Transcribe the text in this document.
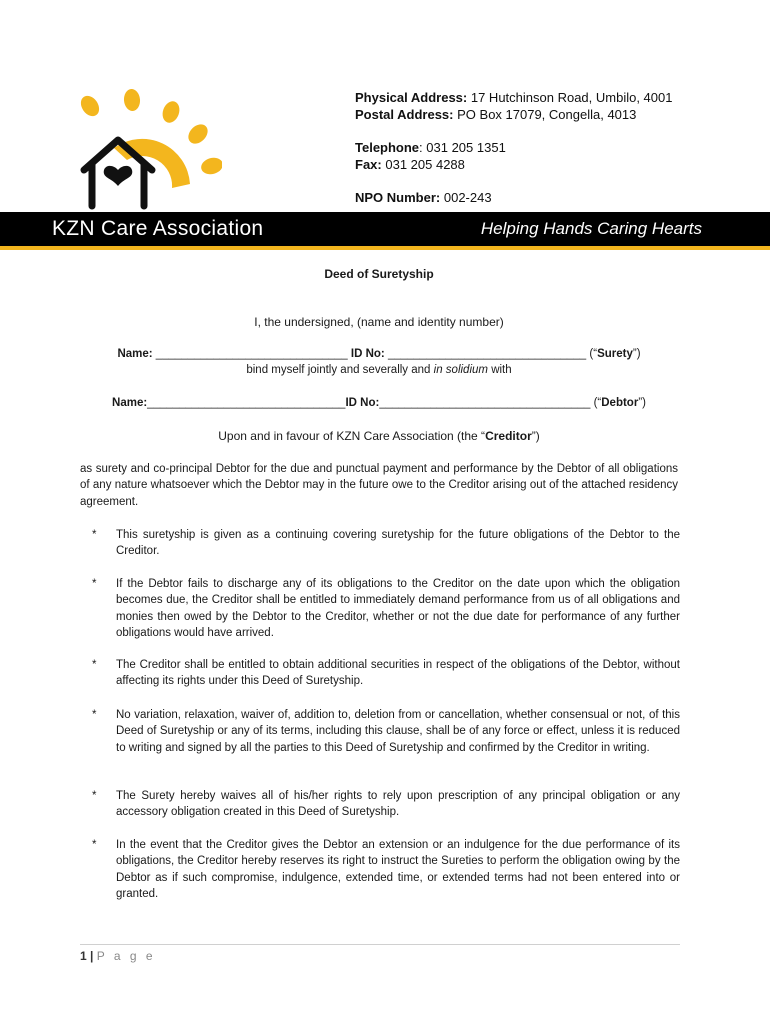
Physical Address: 17 Hutchinson Road, Umbilo, 4001
Postal Address: PO Box 17079, Congella, 4013
Telephone: 031 205 1351
Fax: 031 205 4288
NPO Number: 002-243
KZN Care Association	Helping Hands Caring Hearts
Deed of Suretyship
I, the undersigned, (name and identity number)
Name: ______________________________ ID No: _______________________________ (“Surety”)
bind myself jointly and severally and in solidium with
Name:_______________________________ID No:_________________________________ (“Debtor”)
Upon and in favour of KZN Care Association (the “Creditor”)
as surety and co-principal Debtor for the due and punctual payment and performance by the Debtor of all obligations of any nature whatsoever which the Debtor may in the future owe to the Creditor arising out of the attached residency agreement.
* This suretyship is given as a continuing covering suretyship for the future obligations of the Debtor to the Creditor.
* If the Debtor fails to discharge any of its obligations to the Creditor on the date upon which the obligation becomes due, the Creditor shall be entitled to immediately demand performance from us of all obligations and monies then owed by the Debtor to the Creditor, whether or not the due date for performance of any further obligations would have arrived.
* The Creditor shall be entitled to obtain additional securities in respect of the obligations of the Debtor, without affecting its rights under this Deed of Suretyship.
* No variation, relaxation, waiver of, addition to, deletion from or cancellation, whether consensual or not, of this Deed of Suretyship or any of its terms, including this clause, shall be of any force or effect, unless it is reduced to writing and signed by all the parties to this Deed of Suretyship and confirmed by the Creditor in writing.
* The Surety hereby waives all of his/her rights to rely upon prescription of any principal obligation or any accessory obligation created in this Deed of Suretyship.
* In the event that the Creditor gives the Debtor an extension or an indulgence for the due performance of its obligations, the Creditor hereby reserves its right to instruct the Sureties to perform the obligation owing by the Debtor as if such compromise, indulgence, extended time, or extended terms had not been entered into or granted.
1 | P a g e
